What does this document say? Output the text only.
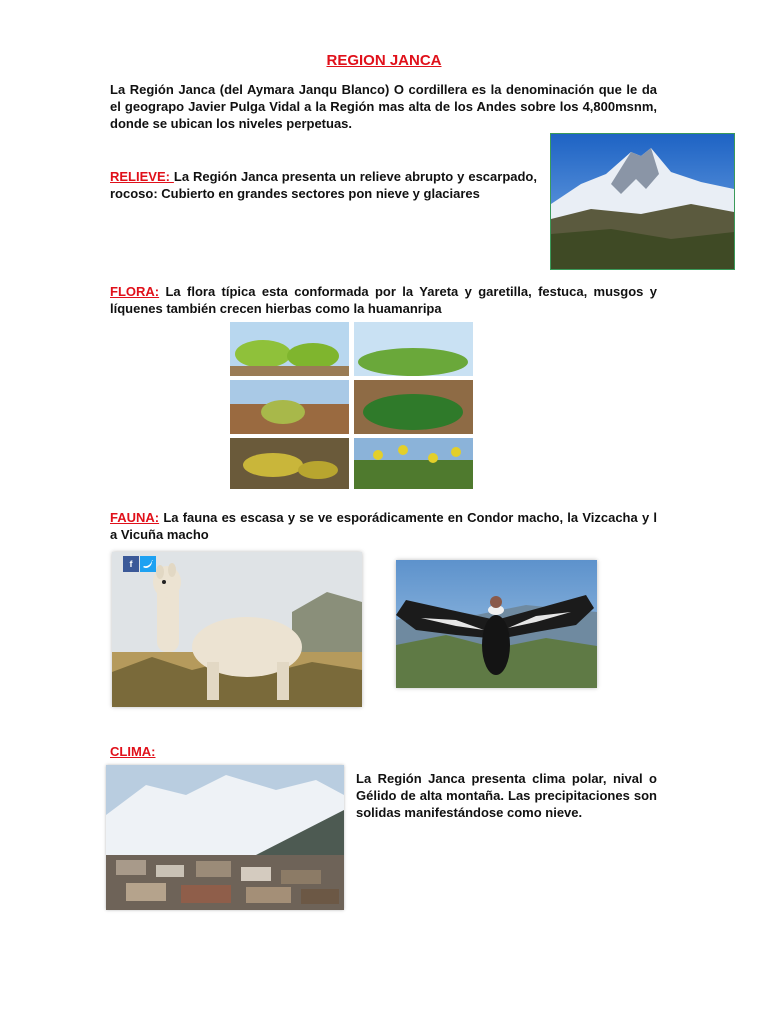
REGION JANCA
La Región Janca (del Aymara Janqu Blanco) O cordillera es la denominación que le da el geograpo Javier Pulga Vidal a la Región mas alta de los Andes sobre los 4,800msnm, donde se ubican los niveles perpetuas.
RELIEVE: La Región Janca presenta un relieve abrupto y escarpado, rocoso: Cubierto en grandes sectores pon nieve y glaciares
FLORA: La flora típica esta conformada por la Yareta y garetilla, festuca, musgos y líquenes también crecen hierbas como la huamanripa
FAUNA: La fauna es escasa y se ve esporádicamente en Condor macho, la Vizcacha y l a Vicuña macho
f
CLIMA:
La Región Janca presenta clima polar, nival o Gélido de alta montaña. Las precipitaciones son solidas manifestándose como nieve.
